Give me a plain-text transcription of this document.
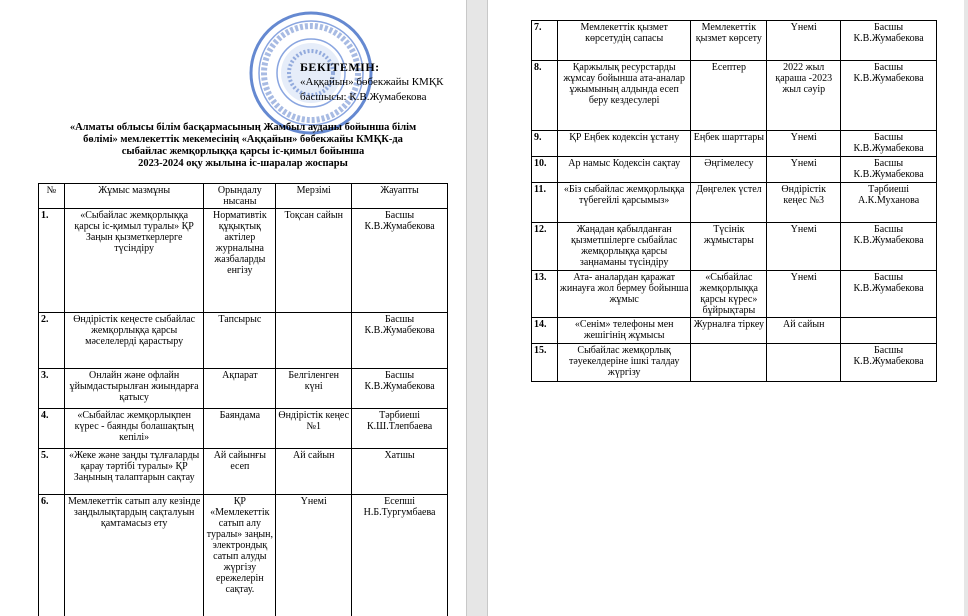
БЕКІТЕМІН:
«Аққайын» бөбекжайы КМҚК
басшысы: К.В.Жумабекова
«Алматы облысы білім басқармасының Жамбыл ауданы бойынша білім
бөлімі» мемлекеттік мекемесінің «Аққайын» бөбекжайы КМҚК-да
сыбайлас жемқорлыққа қарсы іс-қимыл бойынша
2023-2024 оқу жылына іс-шаралар жоспары
№	Жұмыс мазмұны	Орындалу нысаны	Мерзімі	Жауапты
1.	«Сыбайлас жемқорлыққа қарсы іс-қимыл туралы» ҚР Заңын қызметкерлерге түсіндіру	Нормативтік құқықтық актілер журналына жазбаларды енгізу	Тоқсан сайын	Басшы К.В.Жумабекова
2.	Өндірістік кеңесте сыбайлас жемқорлыққа қарсы мәселелерді қарастыру	Тапсырыс		Басшы К.В.Жумабекова
3.	Онлайн және офлайн ұйымдастырылған жиындарға қатысу	Ақпарат	Белгіленген күні	Басшы К.В.Жумабекова
4.	«Сыбайлас жемқорлықпен күрес - баянды болашақтың кепілі»	Баяндама	Өндірістік кеңес №1	Тәрбиеші К.Ш.Тлепбаева
5.	«Жеке және заңды тұлғаларды қарау тәртібі туралы» ҚР Заңының талаптарын сақтау	Ай сайынғы есеп	Ай сайын	Хатшы
6.	Мемлекеттік сатып алу кезінде заңдылықтардың сақталуын қамтамасыз ету	ҚР «Мемлекеттік сатып алу туралы» заңын, электрондық сатып алуды жүргізу ережелерін сақтау.	Үнемі	Есепші Н.Б.Тургумбаева
7.	Мемлекеттік қызмет көрсетудің сапасы	Мемлекеттік қызмет көрсету	Үнемі	Басшы К.В.Жумабекова
8.	Қаржылық ресурстарды жұмсау бойынша ата-аналар ұжымының алдында есеп беру кездесулері	Есептер	2022 жыл қараша -2023 жыл сәуір	Басшы К.В.Жумабекова
9.	ҚР Еңбек кодексін ұстану	Еңбек шарттары	Үнемі	Басшы К.В.Жумабекова
10.	Ар намыс Кодексін сақтау	Әңгімелесу	Үнемі	Басшы К.В.Жумабекова
11.	«Біз сыбайлас жемқорлыққа түбегейлі қарсымыз»	Дөңгелек үстел	Өндірістік кеңес №3	Тәрбиеші А.К.Муханова
12.	Жаңадан қабылданған қызметшілерге сыбайлас жемқорлыққа қарсы заңнаманы түсіндіру	Түсінік жұмыстары	Үнемі	Басшы К.В.Жумабекова
13.	Ата- аналардан қаражат жинауға жол бермеу бойынша жұмыс	«Сыбайлас жемқорлыққа қарсы күрес» бұйрықтары	Үнемі	Басшы К.В.Жумабекова
14.	«Сенім» телефоны мен жешігінің жұмысы	Журналға тіркеу	Ай сайын	
15.	Сыбайлас жемқорлық тәуекелдеріне ішкі талдау жүргізу			Басшы К.В.Жумабекова
